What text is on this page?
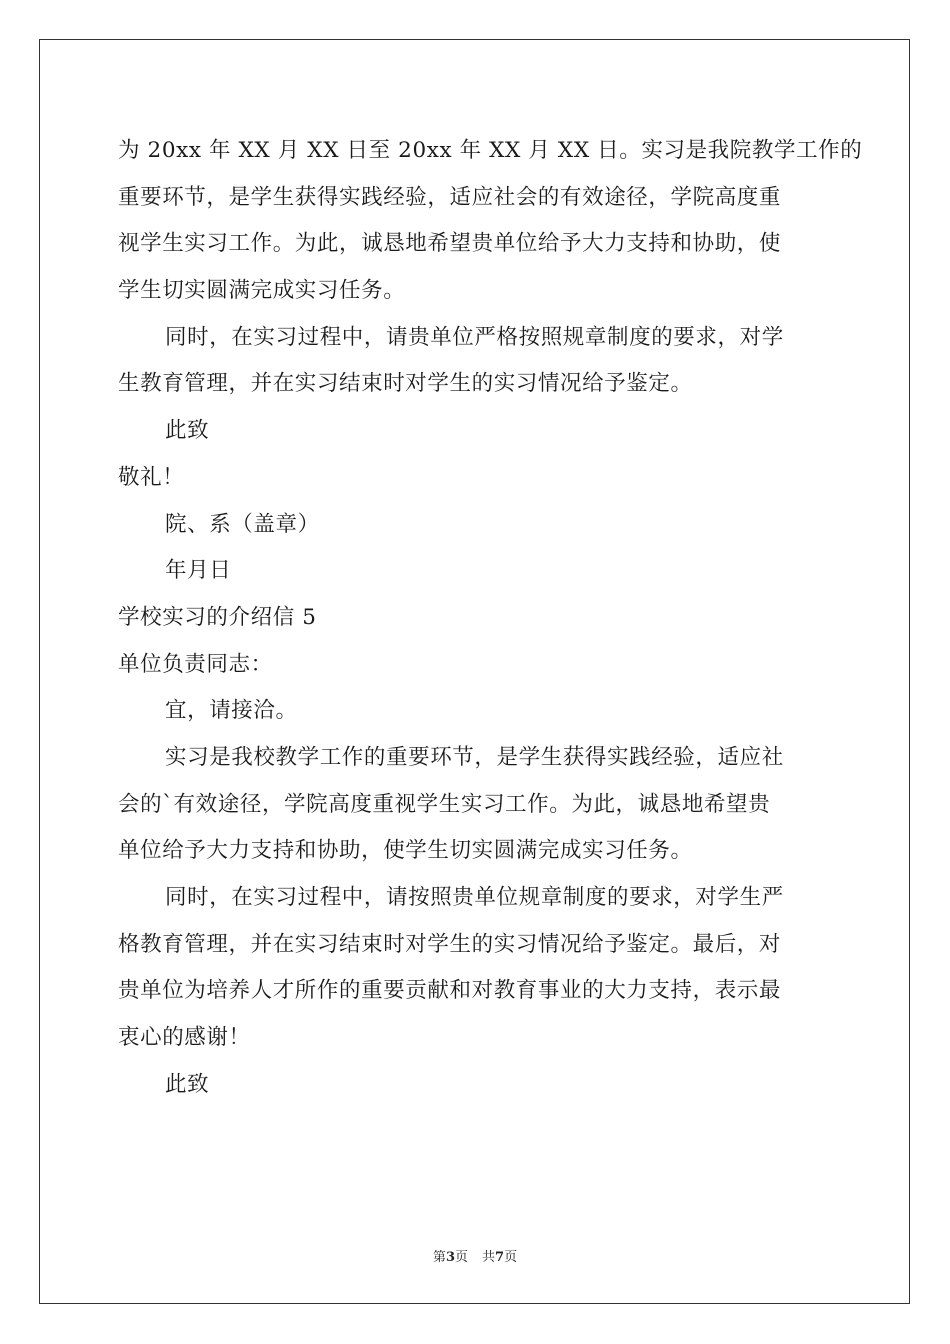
为 20xx 年 XX 月 XX 日至 20xx 年 XX 月 XX 日。实习是我院教学工作的
重要环节，是学生获得实践经验，适应社会的有效途径，学院高度重
视学生实习工作。为此，诚恳地希望贵单位给予大力支持和协助，使
学生切实圆满完成实习任务。
同时，在实习过程中，请贵单位严格按照规章制度的要求，对学
生教育管理，并在实习结束时对学生的实习情况给予鉴定。
此致
敬礼！
院、系（盖章）
年月日
学校实习的介绍信 5
单位负责同志：
宜，请接洽。
实习是我校教学工作的重要环节，是学生获得实践经验，适应社
会的`有效途径，学院高度重视学生实习工作。为此，诚恳地希望贵
单位给予大力支持和协助，使学生切实圆满完成实习任务。
同时，在实习过程中，请按照贵单位规章制度的要求，对学生严
格教育管理，并在实习结束时对学生的实习情况给予鉴定。最后，对
贵单位为培养人才所作的重要贡献和对教育事业的大力支持，表示最
衷心的感谢！
此致
第3页 共7页
